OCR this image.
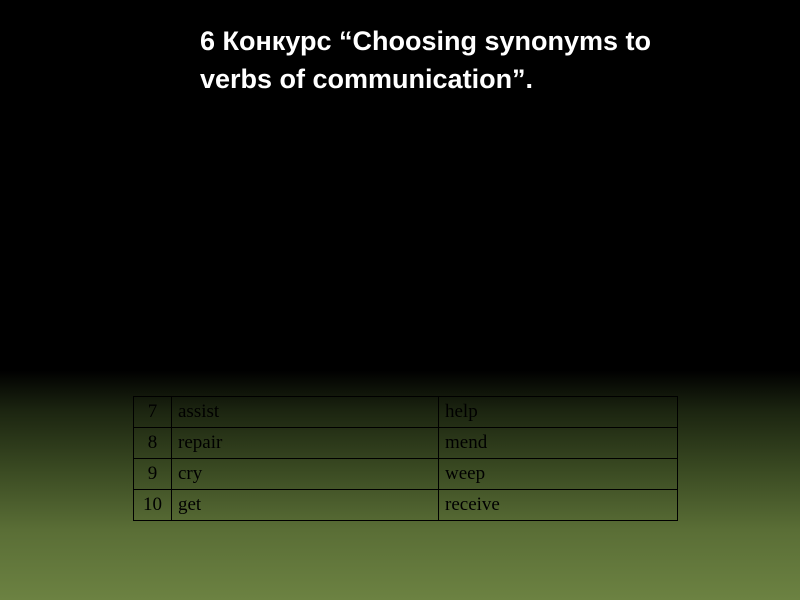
6 Конкурс “Choosing synonyms to
verbs of communication”.
7	assist	help
8	repair	mend
9	cry	weep
10	get	receive
